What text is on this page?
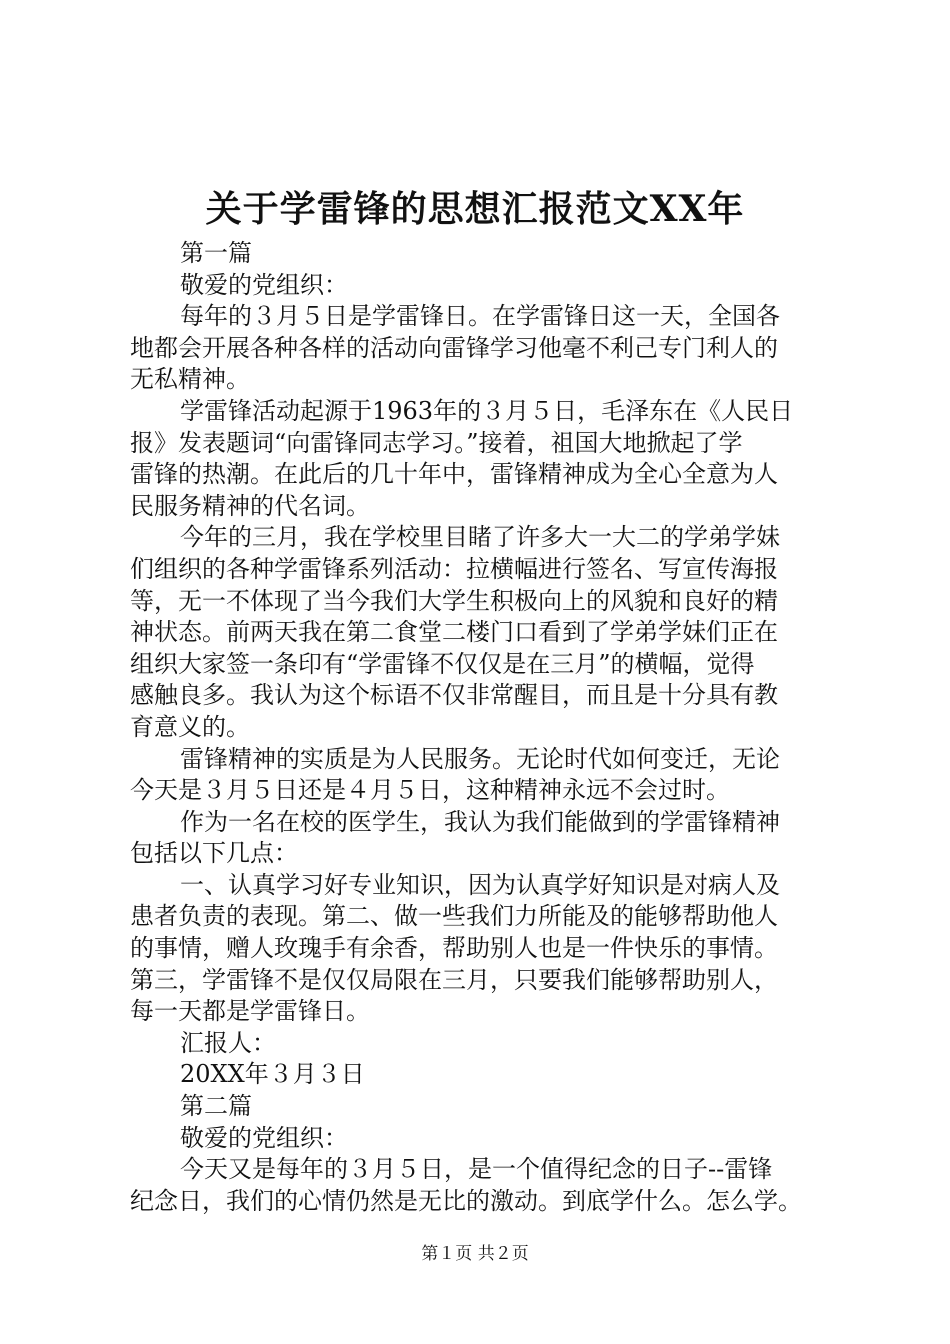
关于学雷锋的思想汇报范文XX年
第一篇
敬爱的党组织：
每年的３月５日是学雷锋日。在学雷锋日这一天，全国各
地都会开展各种各样的活动向雷锋学习他毫不利己专门利人的
无私精神。
学雷锋活动起源于1963年的３月５日，毛泽东在《人民日
报》发表题词“向雷锋同志学习。”接着，祖国大地掀起了学
雷锋的热潮。在此后的几十年中，雷锋精神成为全心全意为人
民服务精神的代名词。
今年的三月，我在学校里目睹了许多大一大二的学弟学妹
们组织的各种学雷锋系列活动：拉横幅进行签名、写宣传海报
等，无一不体现了当今我们大学生积极向上的风貌和良好的精
神状态。前两天我在第二食堂二楼门口看到了学弟学妹们正在
组织大家签一条印有“学雷锋不仅仅是在三月”的横幅，觉得
感触良多。我认为这个标语不仅非常醒目，而且是十分具有教
育意义的。
雷锋精神的实质是为人民服务。无论时代如何变迁，无论
今天是３月５日还是４月５日，这种精神永远不会过时。
作为一名在校的医学生，我认为我们能做到的学雷锋精神
包括以下几点：
一、认真学习好专业知识，因为认真学好知识是对病人及
患者负责的表现。第二、做一些我们力所能及的能够帮助他人
的事情，赠人玫瑰手有余香，帮助别人也是一件快乐的事情。
第三，学雷锋不是仅仅局限在三月，只要我们能够帮助别人，
每一天都是学雷锋日。
汇报人：
20XX年３月３日
第二篇
敬爱的党组织：
今天又是每年的３月５日，是一个值得纪念的日子--雷锋
纪念日，我们的心情仍然是无比的激动。到底学什么。怎么学。
第１页 共２页
